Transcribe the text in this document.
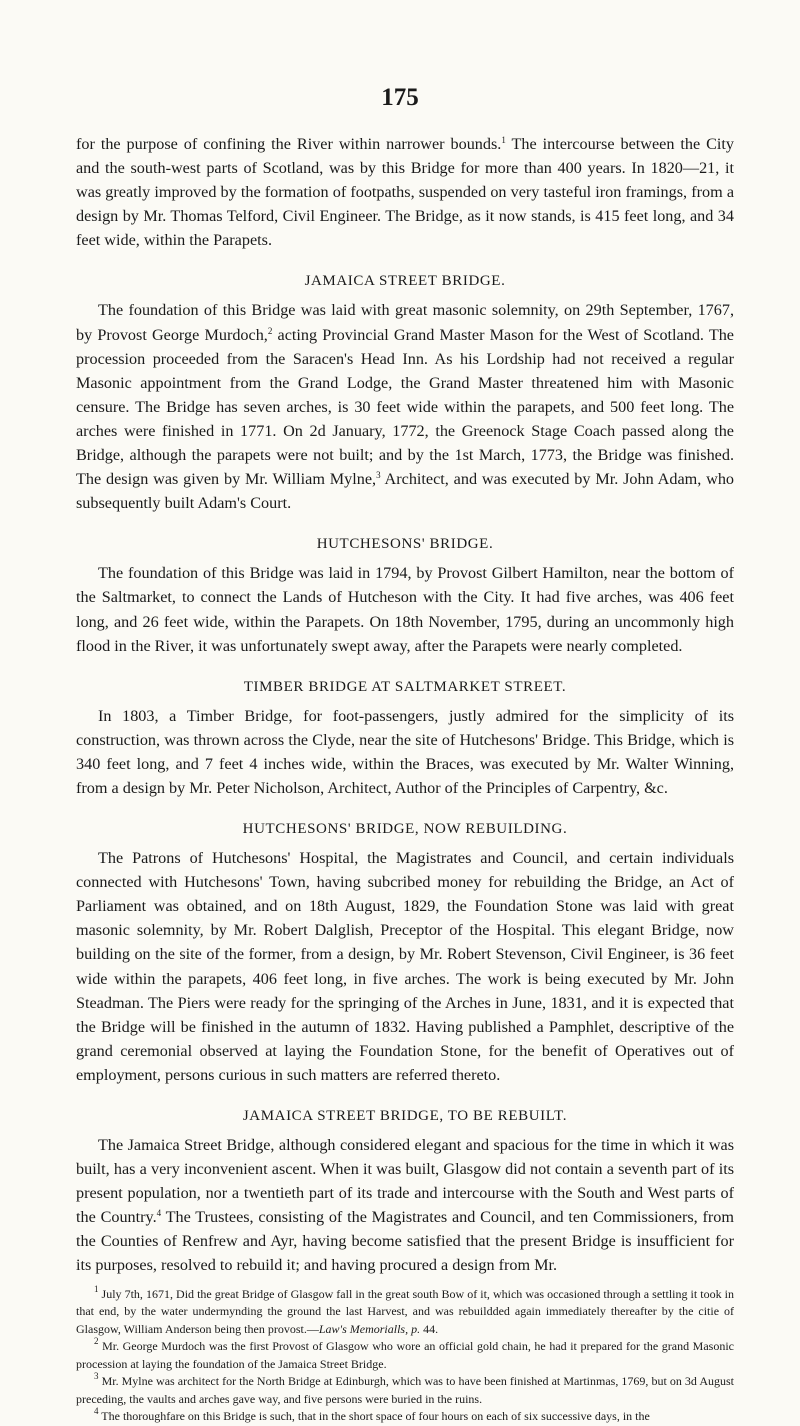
175

for the purpose of confining the River within narrower bounds.$^1$ The intercourse between the City and the south-west parts of Scotland, was by this Bridge for more than 400 years. In 1820—21, it was greatly improved by the formation of footpaths, suspended on very tasteful iron framings, from a design by Mr. Thomas Telford, Civil Engineer. The Bridge, as it now stands, is 415 feet long, and 34 feet wide, within the Parapets.

JAMAICA STREET BRIDGE.

The foundation of this Bridge was laid with great masonic solemnity, on 29th September, 1767, by Provost George Murdoch,$^2$ acting Provincial Grand Master Mason for the West of Scotland. The procession proceeded from the Saracen's Head Inn. As his Lordship had not received a regular Masonic appointment from the Grand Lodge, the Grand Master threatened him with Masonic censure. The Bridge has seven arches, is 30 feet wide within the parapets, and 500 feet long. The arches were finished in 1771. On 2d January, 1772, the Greenock Stage Coach passed along the Bridge, although the parapets were not built; and by the 1st March, 1773, the Bridge was finished. The design was given by Mr. William Mylne,$^3$ Architect, and was executed by Mr. John Adam, who subsequently built Adam's Court.

HUTCHESONS' BRIDGE.

The foundation of this Bridge was laid in 1794, by Provost Gilbert Hamilton, near the bottom of the Saltmarket, to connect the Lands of Hutcheson with the City. It had five arches, was 406 feet long, and 26 feet wide, within the Parapets. On 18th November, 1795, during an uncommonly high flood in the River, it was unfortunately swept away, after the Parapets were nearly completed.

TIMBER BRIDGE AT SALTMARKET STREET.

In 1803, a Timber Bridge, for foot-passengers, justly admired for the simplicity of its construction, was thrown across the Clyde, near the site of Hutchesons' Bridge. This Bridge, which is 340 feet long, and 7 feet 4 inches wide, within the Braces, was executed by Mr. Walter Winning, from a design by Mr. Peter Nicholson, Architect, Author of the Principles of Carpentry, &c.

HUTCHESONS' BRIDGE, NOW REBUILDING.

The Patrons of Hutchesons' Hospital, the Magistrates and Council, and certain individuals connected with Hutchesons' Town, having subcribed money for rebuilding the Bridge, an Act of Parliament was obtained, and on 18th August, 1829, the Foundation Stone was laid with great masonic solemnity, by Mr. Robert Dalglish, Preceptor of the Hospital. This elegant Bridge, now building on the site of the former, from a design, by Mr. Robert Stevenson, Civil Engineer, is 36 feet wide within the parapets, 406 feet long, in five arches. The work is being executed by Mr. John Steadman. The Piers were ready for the springing of the Arches in June, 1831, and it is expected that the Bridge will be finished in the autumn of 1832. Having published a Pamphlet, descriptive of the grand ceremonial observed at laying the Foundation Stone, for the benefit of Operatives out of employment, persons curious in such matters are referred thereto.

JAMAICA STREET BRIDGE, TO BE REBUILT.

The Jamaica Street Bridge, although considered elegant and spacious for the time in which it was built, has a very inconvenient ascent. When it was built, Glasgow did not contain a seventh part of its present population, nor a twentieth part of its trade and intercourse with the South and West parts of the Country.$^4$ The Trustees, consisting of the Magistrates and Council, and ten Commissioners, from the Counties of Renfrew and Ayr, having become satisfied that the present Bridge is insufficient for its purposes, resolved to rebuild it; and having procured a design from Mr.

$^1$ July 7th, 1671, Did the great Bridge of Glasgow fall in the great south Bow of it, which was occasioned through a settling it took in that end, by the water undermynding the ground the last Harvest, and was rebuildded again immediately thereafter by the citie of Glasgow, William Anderson being then provost.—Law's Memorialls, p. 44.

$^2$ Mr. George Murdoch was the first Provost of Glasgow who wore an official gold chain, he had it prepared for the grand Masonic procession at laying the foundation of the Jamaica Street Bridge.

$^3$ Mr. Mylne was architect for the North Bridge at Edinburgh, which was to have been finished at Martinmas, 1769, but on 3d August preceding, the vaults and arches gave way, and five persons were buried in the ruins.

$^4$ The thoroughfare on this Bridge is such, that in the short space of four hours on each of six successive days, in the
